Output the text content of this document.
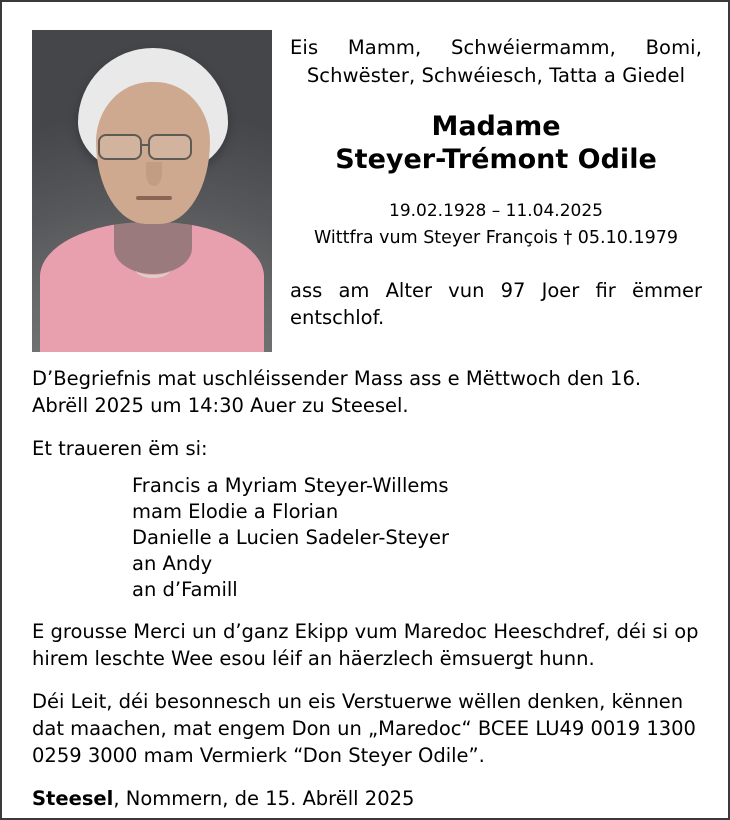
Eis Mamm, Schwéiermamm, Bomi, Schwëster, Schwéiesch, Tatta a Giedel
Madame
Steyer-Trémont Odile
19.02.1928 – 11.04.2025
Wittfra vum Steyer François † 05.10.1979
ass am Alter vun 97 Joer fir ëmmer entschlof.

D’Begriefnis mat uschléissender Mass ass e Mëttwoch den 16. Abrëll 2025 um 14:30 Auer zu Steesel.

Et traueren ëm si:

Francis a Myriam Steyer-Willems
mam Elodie a Florian
Danielle a Lucien Sadeler-Steyer
an Andy
an d’Famill

E grousse Merci un d’ganz Ekipp vum Maredoc Heeschdref, déi si op hirem leschte Wee esou léif an häerzlech ëmsuergt hunn.

Déi Leit, déi besonnesch un eis Verstuerwe wëllen denken, kënnen dat maachen, mat engem Don un „Maredoc“ BCEE LU49 0019 1300 0259 3000 mam Vermierk “Don Steyer Odile”.

Steesel, Nommern, de 15. Abrëll 2025
